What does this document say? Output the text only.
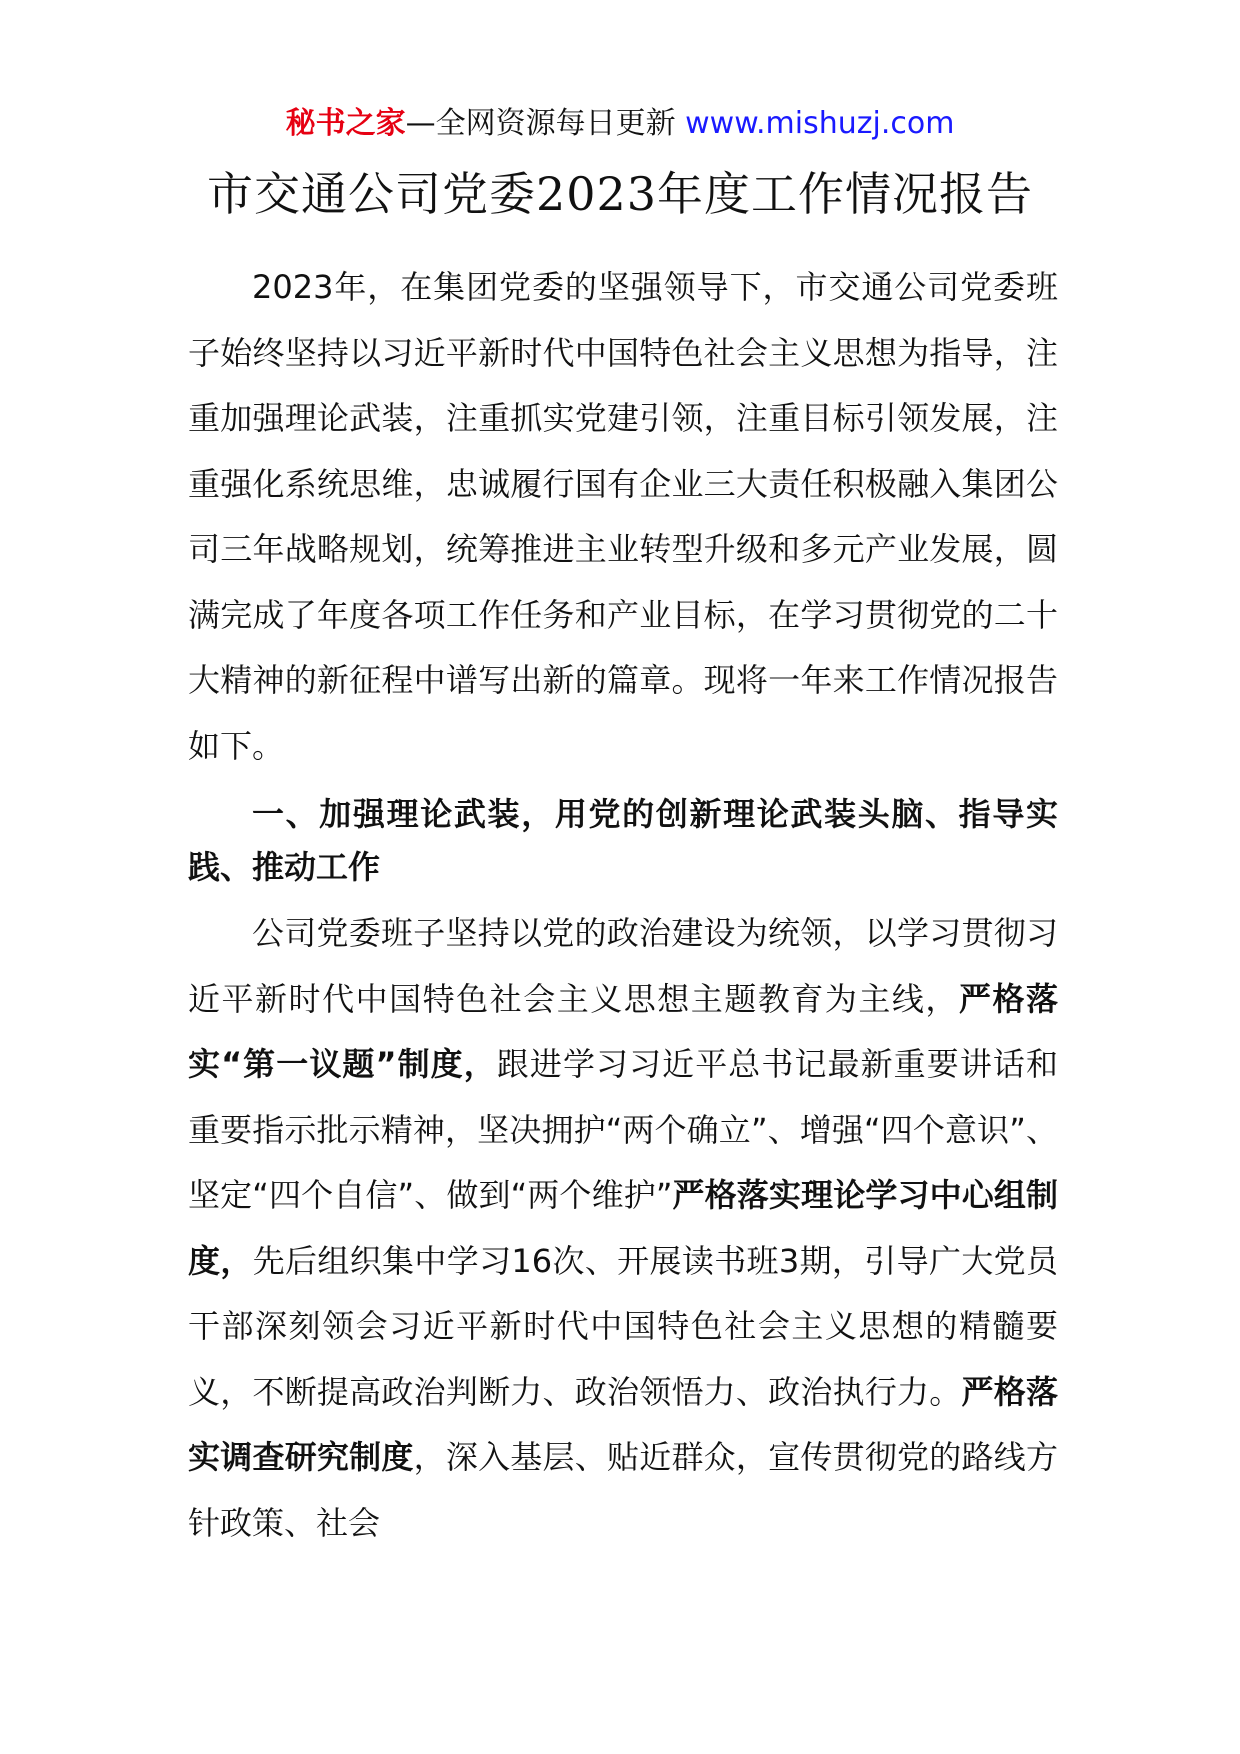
秘书之家—全网资源每日更新 www.mishuzj.com
市交通公司党委2023年度工作情况报告

2023年，在集团党委的坚强领导下，市交通公司党委班子始终坚持以习近平新时代中国特色社会主义思想为指导，注重加强理论武装，注重抓实党建引领，注重目标引领发展，注重强化系统思维，忠诚履行国有企业三大责任积极融入集团公司三年战略规划，统筹推进主业转型升级和多元产业发展，圆满完成了年度各项工作任务和产业目标，在学习贯彻党的二十大精神的新征程中谱写出新的篇章。现将一年来工作情况报告如下。

一、加强理论武装，用党的创新理论武装头脑、指导实践、推动工作

公司党委班子坚持以党的政治建设为统领，以学习贯彻习近平新时代中国特色社会主义思想主题教育为主线，严格落实“第一议题”制度，跟进学习习近平总书记最新重要讲话和重要指示批示精神，坚决拥护“两个确立”、增强“四个意识”、坚定“四个自信”、做到“两个维护”严格落实理论学习中心组制度，先后组织集中学习16次、开展读书班3期，引导广大党员干部深刻领会习近平新时代中国特色社会主义思想的精髓要义，不断提高政治判断力、政治领悟力、政治执行力。严格落实调查研究制度，深入基层、贴近群众，宣传贯彻党的路线方针政策、社会
